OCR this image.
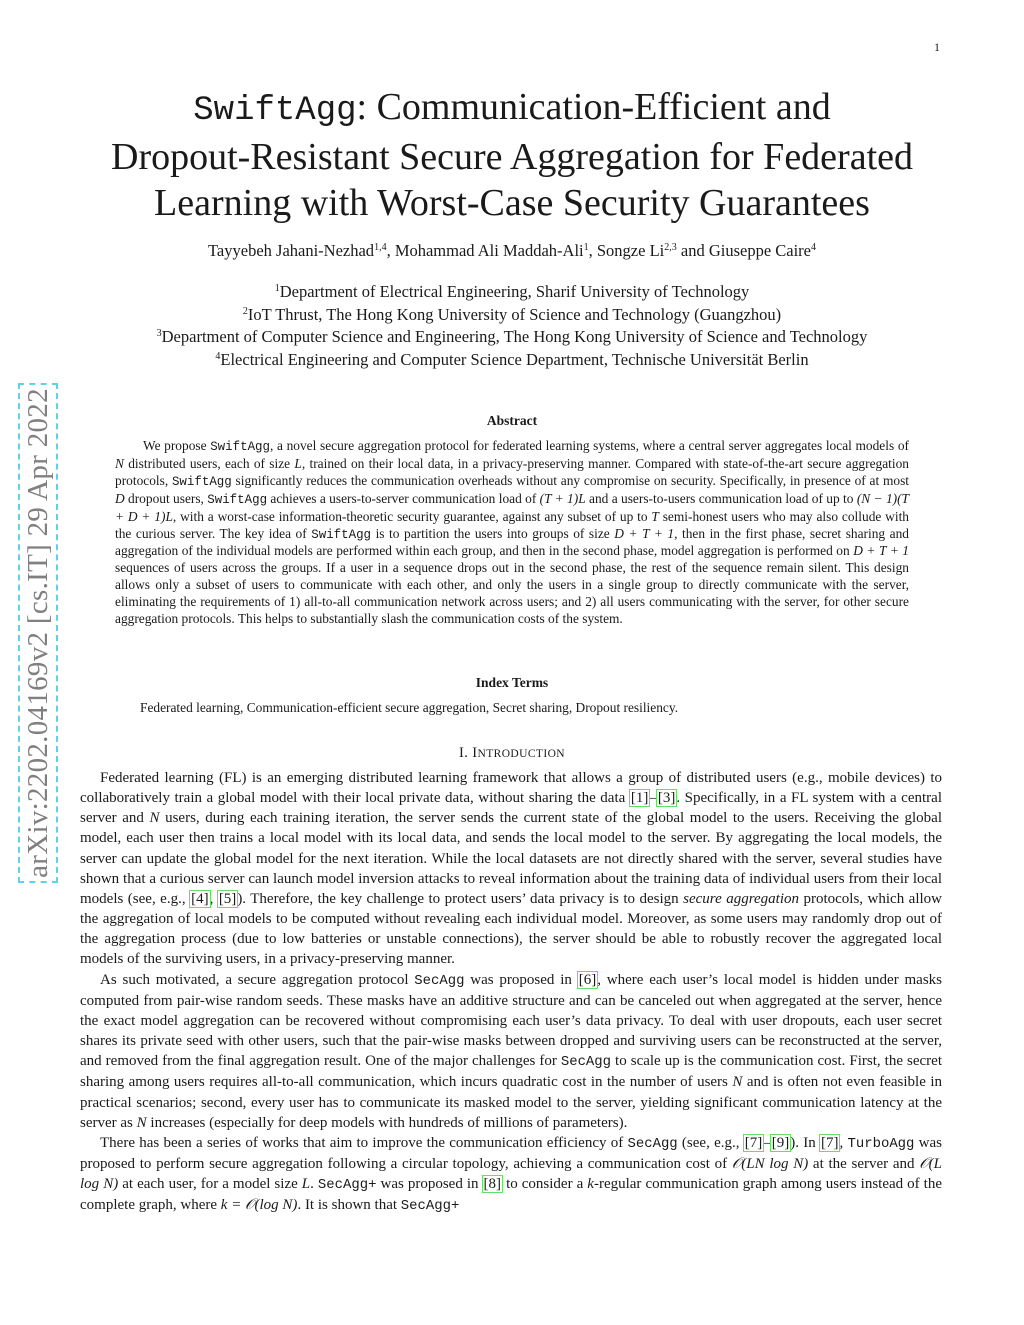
1
arXiv:2202.04169v2 [cs.IT] 29 Apr 2022
SwiftAgg: Communication-Efficient and
Dropout-Resistant Secure Aggregation for Federated
Learning with Worst-Case Security Guarantees
Tayyebeh Jahani-Nezhad$^{1,4}$, Mohammad Ali Maddah-Ali$^1$, Songze Li$^{2,3}$ and Giuseppe Caire$^4$
$^1$Department of Electrical Engineering, Sharif University of Technology
$^2$IoT Thrust, The Hong Kong University of Science and Technology (Guangzhou)
$^3$Department of Computer Science and Engineering, The Hong Kong University of Science and Technology
$^4$Electrical Engineering and Computer Science Department, Technische Universität Berlin
Abstract
We propose SwiftAgg, a novel secure aggregation protocol for federated learning systems, where a central server aggregates local models of N distributed users, each of size L, trained on their local data, in a privacy-preserving manner. Compared with state-of-the-art secure aggregation protocols, SwiftAgg significantly reduces the communication overheads without any compromise on security. Specifically, in presence of at most D dropout users, SwiftAgg achieves a users-to-server communication load of (T + 1)L and a users-to-users communication load of up to (N − 1)(T + D + 1)L, with a worst-case information-theoretic security guarantee, against any subset of up to T semi-honest users who may also collude with the curious server. The key idea of SwiftAgg is to partition the users into groups of size D + T + 1, then in the first phase, secret sharing and aggregation of the individual models are performed within each group, and then in the second phase, model aggregation is performed on D + T + 1 sequences of users across the groups. If a user in a sequence drops out in the second phase, the rest of the sequence remain silent. This design allows only a subset of users to communicate with each other, and only the users in a single group to directly communicate with the server, eliminating the requirements of 1) all-to-all communication network across users; and 2) all users communicating with the server, for other secure aggregation protocols. This helps to substantially slash the communication costs of the system.
Index Terms
Federated learning, Communication-efficient secure aggregation, Secret sharing, Dropout resiliency.
I. INTRODUCTION

Federated learning (FL) is an emerging distributed learning framework that allows a group of distributed users (e.g., mobile devices) to collaboratively train a global model with their local private data, without sharing the data [1]–[3]. Specifically, in a FL system with a central server and N users, during each training iteration, the server sends the current state of the global model to the users. Receiving the global model, each user then trains a local model with its local data, and sends the local model to the server. By aggregating the local models, the server can update the global model for the next iteration. While the local datasets are not directly shared with the server, several studies have shown that a curious server can launch model inversion attacks to reveal information about the training data of individual users from their local models (see, e.g., [4], [5]). Therefore, the key challenge to protect users’ data privacy is to design secure aggregation protocols, which allow the aggregation of local models to be computed without revealing each individual model. Moreover, as some users may randomly drop out of the aggregation process (due to low batteries or unstable connections), the server should be able to robustly recover the aggregated local models of the surviving users, in a privacy-preserving manner.

As such motivated, a secure aggregation protocol SecAgg was proposed in [6], where each user’s local model is hidden under masks computed from pair-wise random seeds. These masks have an additive structure and can be canceled out when aggregated at the server, hence the exact model aggregation can be recovered without compromising each user’s data privacy. To deal with user dropouts, each user secret shares its private seed with other users, such that the pair-wise masks between dropped and surviving users can be reconstructed at the server, and removed from the final aggregation result. One of the major challenges for SecAgg to scale up is the communication cost. First, the secret sharing among users requires all-to-all communication, which incurs quadratic cost in the number of users N and is often not even feasible in practical scenarios; second, every user has to communicate its masked model to the server, yielding significant communication latency at the server as N increases (especially for deep models with hundreds of millions of parameters).

There has been a series of works that aim to improve the communication efficiency of SecAgg (see, e.g., [7]–[9]). In [7], TurboAgg was proposed to perform secure aggregation following a circular topology, achieving a communication cost of 𝒪(LN log N) at the server and 𝒪(L log N) at each user, for a model size L. SecAgg+ was proposed in [8] to consider a k-regular communication graph among users instead of the complete graph, where k = 𝒪(log N). It is shown that SecAgg+
